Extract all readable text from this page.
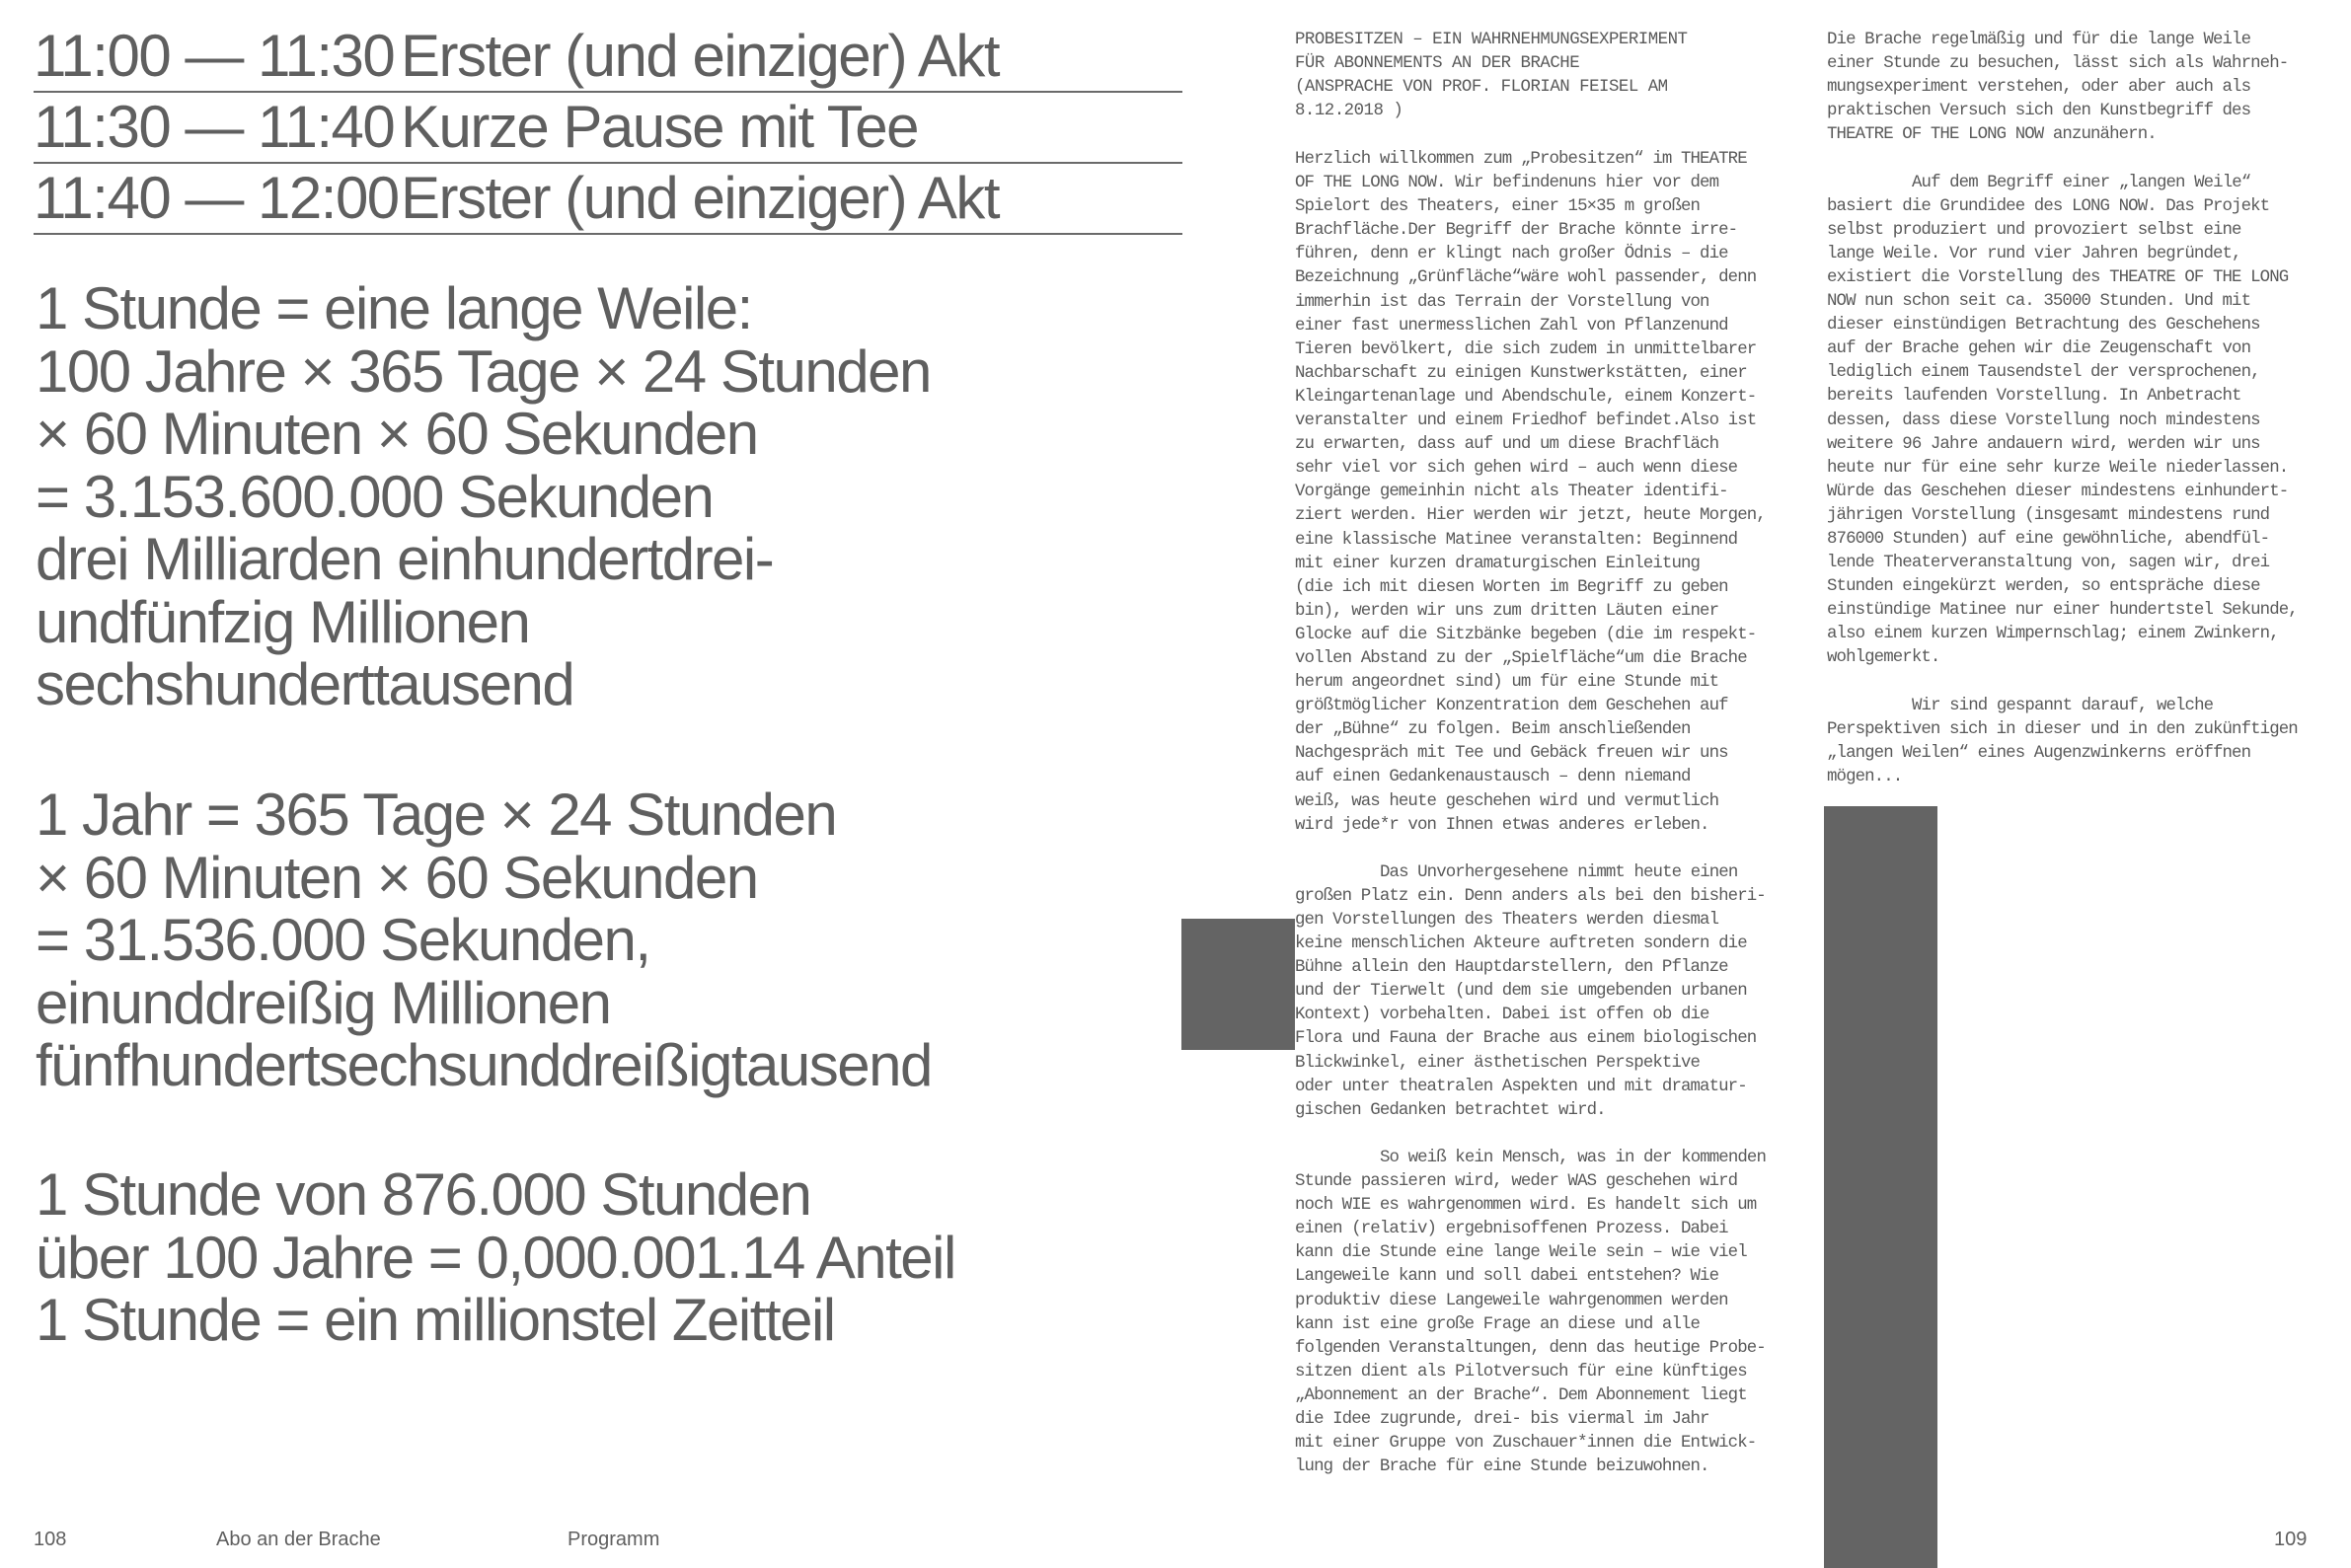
11:00 — 11:30 Erster (und einziger) Akt
11:30 — 11:40 Kurze Pause mit Tee
11:40 — 12:00 Erster (und einziger) Akt
1 Stunde = eine lange Weile:
100 Jahre × 365 Tage × 24 Stunden
× 60 Minuten × 60 Sekunden
= 3.153.600.000 Sekunden
drei Milliarden einhundertdrei-
undfünfzig Millionen
sechshunderttausend
1 Jahr = 365 Tage × 24 Stunden
× 60 Minuten × 60 Sekunden
= 31.536.000 Sekunden,
einunddreißig Millionen
fünfhundertsechsunddreißigtausend
1 Stunde von 876.000 Stunden
über 100 Jahre = 0,000.001.14 Anteil
1 Stunde = ein millionstel Zeitteil
108	Abo an der Brache	Programm
PROBESITZEN – EIN WAHRNEHMUNGSEXPERIMENT
FÜR ABONNEMENTS AN DER BRACHE
(ANSPRACHE VON PROF. FLORIAN FEISEL AM
8.12.2018 )
Herzlich willkommen zum „Probesitzen“ im THEATRE
OF THE LONG NOW. Wir befindenuns hier vor dem
Spielort des Theaters, einer 15×35 m großen
Brachfläche.Der Begriff der Brache könnte irre-
führen, denn er klingt nach großer Ödnis – die
Bezeichnung „Grünfläche“wäre wohl passender, denn
immerhin ist das Terrain der Vorstellung von
einer fast unermesslichen Zahl von Pflanzenund
Tieren bevölkert, die sich zudem in unmittelbarer
Nachbarschaft zu einigen Kunstwerkstätten, einer
Kleingartenanlage und Abendschule, einem Konzert-
veranstalter und einem Friedhof befindet.Also ist
zu erwarten, dass auf und um diese Brachfläch
sehr viel vor sich gehen wird – auch wenn diese
Vorgänge gemeinhin nicht als Theater identifi-
ziert werden. Hier werden wir jetzt, heute Morgen,
eine klassische Matinee veranstalten: Beginnend
mit einer kurzen dramaturgischen Einleitung
(die ich mit diesen Worten im Begriff zu geben
bin), werden wir uns zum dritten Läuten einer
Glocke auf die Sitzbänke begeben (die im respekt-
vollen Abstand zu der „Spielfläche“um die Brache
herum angeordnet sind) um für eine Stunde mit
größtmöglicher Konzentration dem Geschehen auf
der „Bühne“ zu folgen. Beim anschließenden
Nachgespräch mit Tee und Gebäck freuen wir uns
auf einen Gedankenaustausch – denn niemand
weiß, was heute geschehen wird und vermutlich
wird jede*r von Ihnen etwas anderes erleben.
Das Unvorhergesehene nimmt heute einen
großen Platz ein. Denn anders als bei den bisheri-
gen Vorstellungen des Theaters werden diesmal
keine menschlichen Akteure auftreten sondern die
Bühne allein den Hauptdarstellern, den Pflanze
und der Tierwelt (und dem sie umgebenden urbanen
Kontext) vorbehalten. Dabei ist offen ob die
Flora und Fauna der Brache aus einem biologischen
Blickwinkel, einer ästhetischen Perspektive
oder unter theatralen Aspekten und mit dramatur-
gischen Gedanken betrachtet wird.
So weiß kein Mensch, was in der kommenden
Stunde passieren wird, weder WAS geschehen wird
noch WIE es wahrgenommen wird. Es handelt sich um
einen (relativ) ergebnisoffenen Prozess. Dabei
kann die Stunde eine lange Weile sein – wie viel
Langeweile kann und soll dabei entstehen? Wie
produktiv diese Langeweile wahrgenommen werden
kann ist eine große Frage an diese und alle
folgenden Veranstaltungen, denn das heutige Probe-
sitzen dient als Pilotversuch für eine künftiges
„Abonnement an der Brache“. Dem Abonnement liegt
die Idee zugrunde, drei- bis viermal im Jahr
mit einer Gruppe von Zuschauer*innen die Entwick-
lung der Brache für eine Stunde beizuwohnen.
Die Brache regelmäßig und für die lange Weile
einer Stunde zu besuchen, lässt sich als Wahrneh-
mungsexperiment verstehen, oder aber auch als
praktischen Versuch sich den Kunstbegriff des
THEATRE OF THE LONG NOW anzunähern.
Auf dem Begriff einer „langen Weile“
basiert die Grundidee des LONG NOW. Das Projekt
selbst produziert und provoziert selbst eine
lange Weile. Vor rund vier Jahren begründet,
existiert die Vorstellung des THEATRE OF THE LONG
NOW nun schon seit ca. 35000 Stunden. Und mit
dieser einstündigen Betrachtung des Geschehens
auf der Brache gehen wir die Zeugenschaft von
lediglich einem Tausendstel der versprochenen,
bereits laufenden Vorstellung. In Anbetracht
dessen, dass diese Vorstellung noch mindestens
weitere 96 Jahre andauern wird, werden wir uns
heute nur für eine sehr kurze Weile niederlassen.
Würde das Geschehen dieser mindestens einhundert-
jährigen Vorstellung (insgesamt mindestens rund
876000 Stunden) auf eine gewöhnliche, abendfül-
lende Theaterveranstaltung von, sagen wir, drei
Stunden eingekürzt werden, so entspräche diese
einstündige Matinee nur einer hundertstel Sekunde,
also einem kurzen Wimpernschlag; einem Zwinkern,
wohlgemerkt.
Wir sind gespannt darauf, welche
Perspektiven sich in dieser und in den zukünftigen
„langen Weilen“ eines Augenzwinkerns eröffnen
mögen...
109
